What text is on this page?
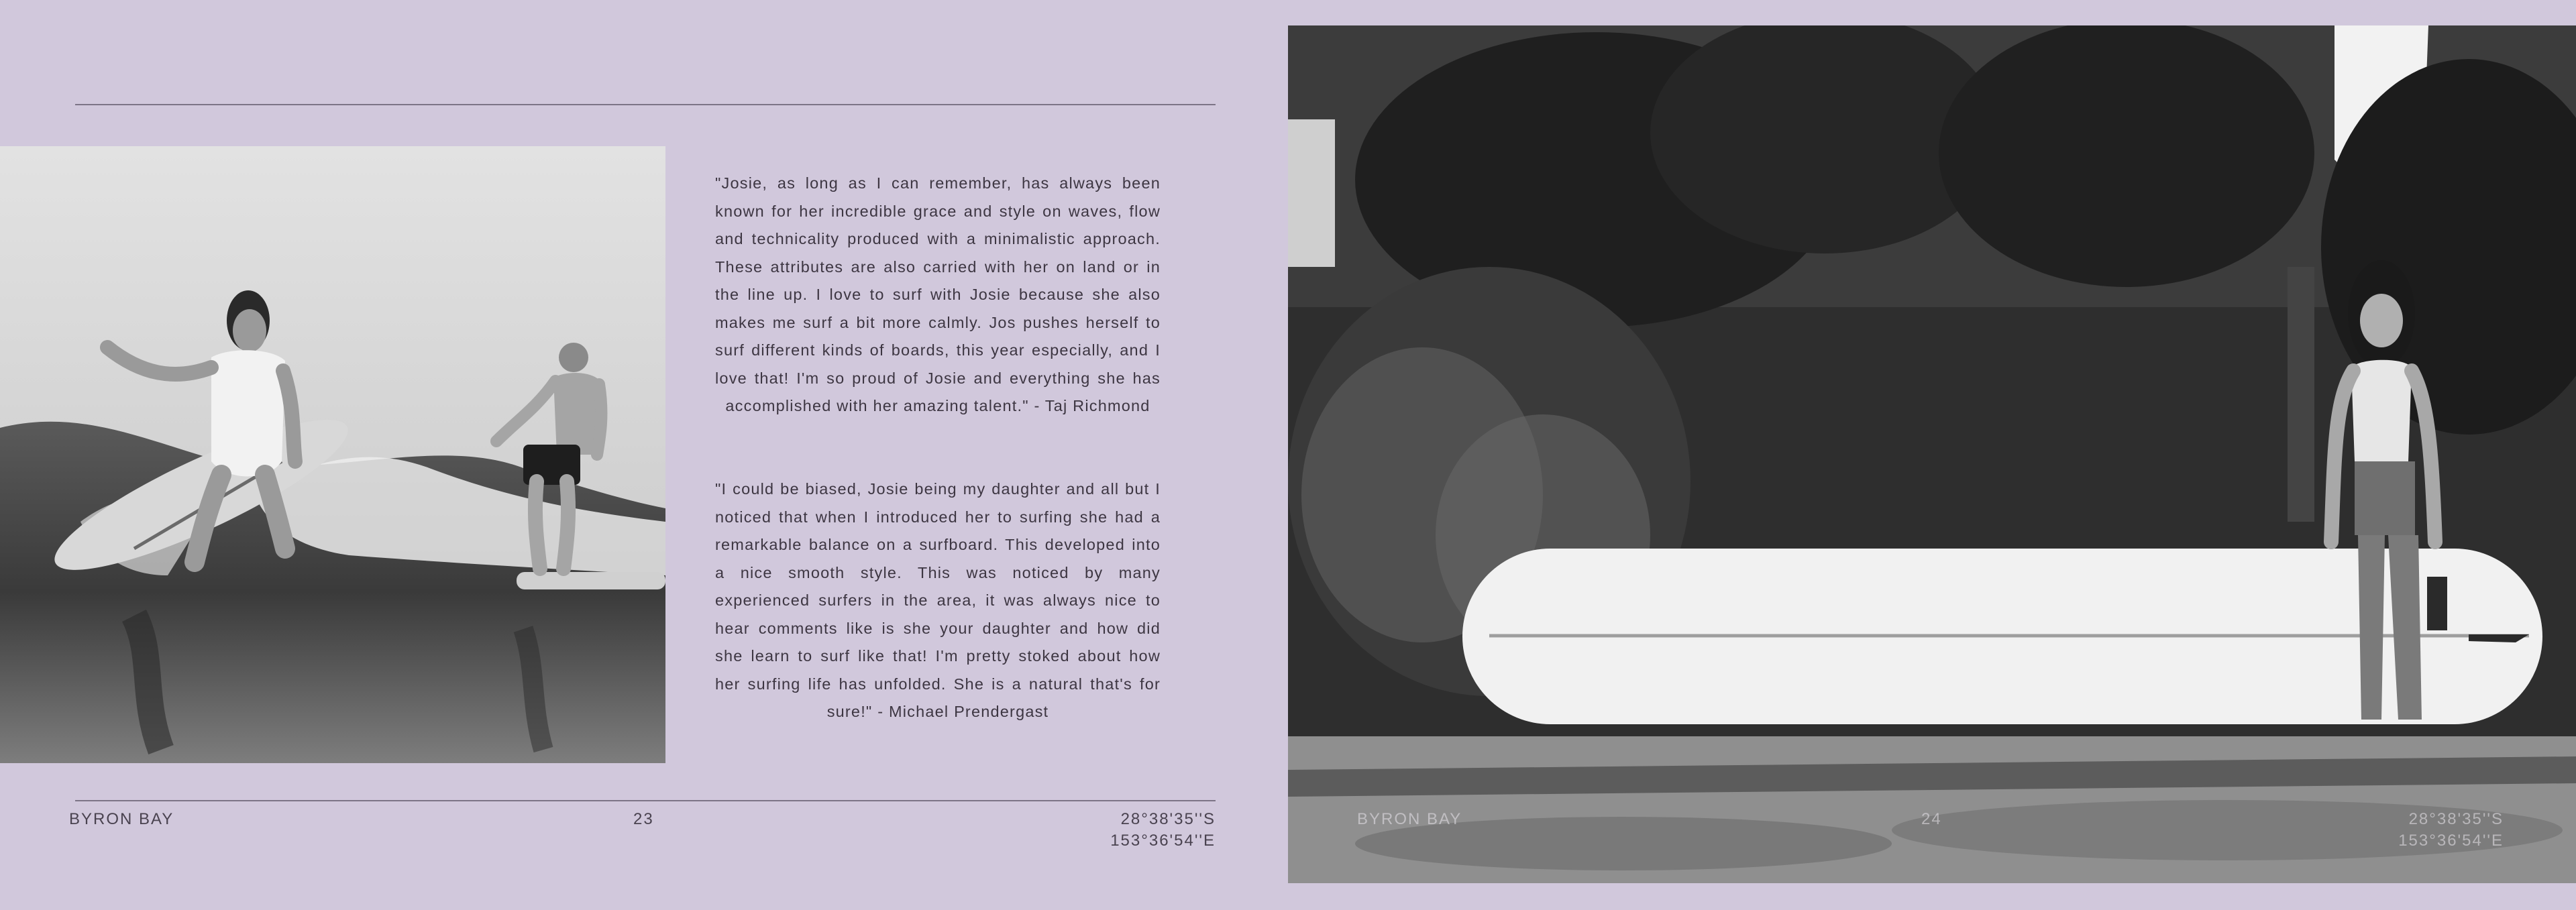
"Josie, as long as I can remember, has always been known for her incredible grace and style on waves, flow and technicality produced with a minimalistic approach. These attributes are also carried with her on land or in the line up. I love to surf with Josie because she also makes me surf a bit more calmly. Jos pushes herself to surf different kinds of boards, this year especially, and I love that! I'm so proud of Josie and everything she has accomplished with her amazing talent." - Taj Richmond

"I could be biased, Josie being my daughter and all but I noticed that when I introduced her to surfing she had a remarkable balance on a surfboard. This developed into a nice smooth style. This was noticed by many experienced surfers in the area, it was always nice to hear comments like is she your daughter and how did she learn to surf like that! I'm pretty stoked about how her surfing life has unfolded. She is a natural that's for sure!" - Michael Prendergast

BYRON BAY	23	28°38'35''S
153°36'54''E
BYRON BAY	24	28°38'35''S
153°36'54''E
